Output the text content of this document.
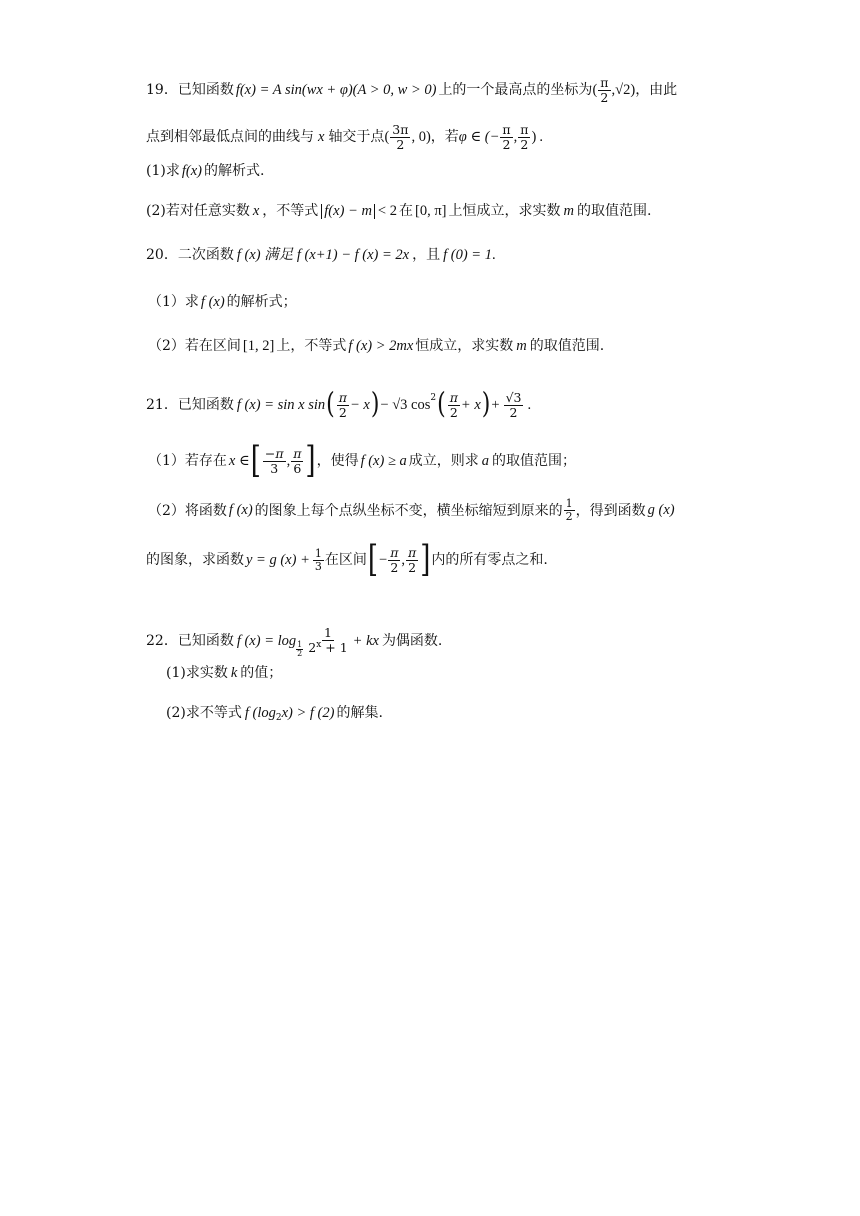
19． 已知函数 f(x) = A sin(wx + φ)(A > 0, w > 0) 上的一个最高点的坐标为 ( $\frac{\pi}{2}$ , √2 ) ，由此
点到相邻最低点间的曲线与 x 轴交于点 ( $\frac{3\pi}{2}$ , 0) ，若 φ ∈ (− $\frac{\pi}{2}$ , $\frac{\pi}{2}$ ) .
(1)求 f(x) 的解析式.
(2)若对任意实数 x ，不等式 f(x) − m < 2 在 [0, π] 上恒成立，求实数 m 的取值范围.
20． 二次函数 f (x) 满足 f (x+1) − f (x) = 2x ，且 f (0) = 1 .
（1）求 f (x) 的解析式；
（2）若在区间 [1, 2] 上，不等式 f (x) > 2mx 恒成立，求实数 m 的取值范围.
21． 已知函数 f (x) = sin x sin ( $\frac{\pi}{2} - x$ ) − √3 cos 2 ( $\frac{\pi}{2} + x$ ) + $\frac{√3}{2}$ .
（1）若存在 x ∈ [ $\frac{-\pi}{3}$ , $\frac{\pi}{6}$ ] ，使得 f (x) ≥ a 成立，则求 a 的取值范围；
（2）将函数 f (x) 的图象上每个点纵坐标不变，横坐标缩短到原来的 $\frac{1}{2}$ ，得到函数 g (x)
的图象，求函数 y = g $(x) + \frac{1}{3}$ 在区间 [ − $\frac{\pi}{2}$ , $\frac{\pi}{2}$ ] 内的所有零点之和.
22． 已知函数 f $(x) = \log \frac{1}{2} \frac{1}{2^x + 1}$ + kx 为偶函数.
(1)求实数 k 的值；
(2)求不等式 f (log 2 x) > f (2) 的解集.
